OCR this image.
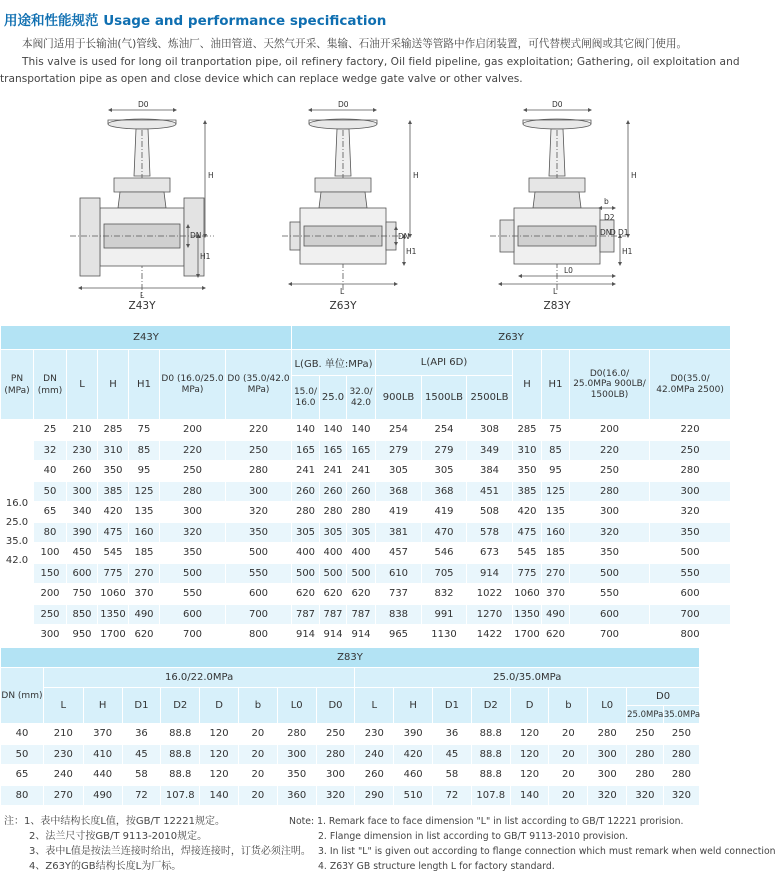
用途和性能规范 Usage and performance specification
本阀门适用于长输油(气)管线、炼油厂、油田管道、天然气开采、集输、石油开采输送等管路中作启闭装置，可代替楔式闸阀或其它阀门使用。
This valve is used for long oil tranportation pipe, oil refinery factory, Oil field pipeline, gas exploitation; Gathering, oil exploitation and
transportation pipe as open and close device which can replace wedge gate valve or other valves.
D0
H
H1
DN
L
Z43Y
D0
H
H1
DN
L
Z63Y
D0
H
H1
DN
D D1
D2
b
L
L0
Z83Y
Z43Y							Z63Y									
PN (MPa)	DN (mm)	L	H	H1	D0 (16.0/25.0 MPa)	D0 (35.0/42.0 MPa)	L(GB. 单位:MPa)			L(API 6D)			H	H1	D0(16.0/ 25.0MPa 900LB/ 1500LB)	D0(35.0/ 42.0MPa 2500)
							15.0/ 16.0	25.0	32.0/ 42.0	900LB	1500LB	2500LB				

16.0
25.0
35.0
42.0	25	210	285	75	200	220	140	140	140	254	254	308	285	75	200	220
	32	230	310	85	220	250	165	165	165	279	279	349	310	85	220	250
	40	260	350	95	250	280	241	241	241	305	305	384	350	95	250	280
	50	300	385	125	280	300	260	260	260	368	368	451	385	125	280	300
	65	340	420	135	300	320	280	280	280	419	419	508	420	135	300	320
	80	390	475	160	320	350	305	305	305	381	470	578	475	160	320	350
	100	450	545	185	350	500	400	400	400	457	546	673	545	185	350	500
	150	600	775	270	500	550	500	500	500	610	705	914	775	270	500	550
	200	750	1060	370	550	600	620	620	620	737	832	1022	1060	370	550	600
	250	850	1350	490	600	700	787	787	787	838	991	1270	1350	490	600	700
	300	950	1700	620	700	800	914	914	914	965	1130	1422	1700	620	700	800
Z83Y																	
DN (mm)	16.0/22.0MPa								25.0/35.0MPa								
	L	H	D1	D2	D	b	L0	D0	L	H	D1	D2	D	b	L0	D0	
																25.0MPa	35.0MPa
40	210	370	36	88.8	120	20	280	250	230	390	36	88.8	120	20	280	250	250
50	230	410	45	88.8	120	20	300	280	240	420	45	88.8	120	20	300	280	280
65	240	440	58	88.8	120	20	350	300	260	460	58	88.8	120	20	300	280	280
80	270	490	72	107.8	140	20	360	320	290	510	72	107.8	140	20	320	320	320
注：1、表中结构长度L值，按GB/T 12221规定。
2、法兰尺寸按GB/T 9113-2010规定。
3、表中L值是按法兰连接时给出，焊接连接时，订货必须注明。
4、Z63Y的GB结构长度L为厂标。
Note: 1. Remark face to face dimension "L" in list according to GB/T 12221 prorision.
2. Flange dimension in list according to GB/T 9113-2010 provision.
3. In list "L" is given out according to flange connection which must remark when weld connection
4. Z63Y GB structure length L for factory standard.
